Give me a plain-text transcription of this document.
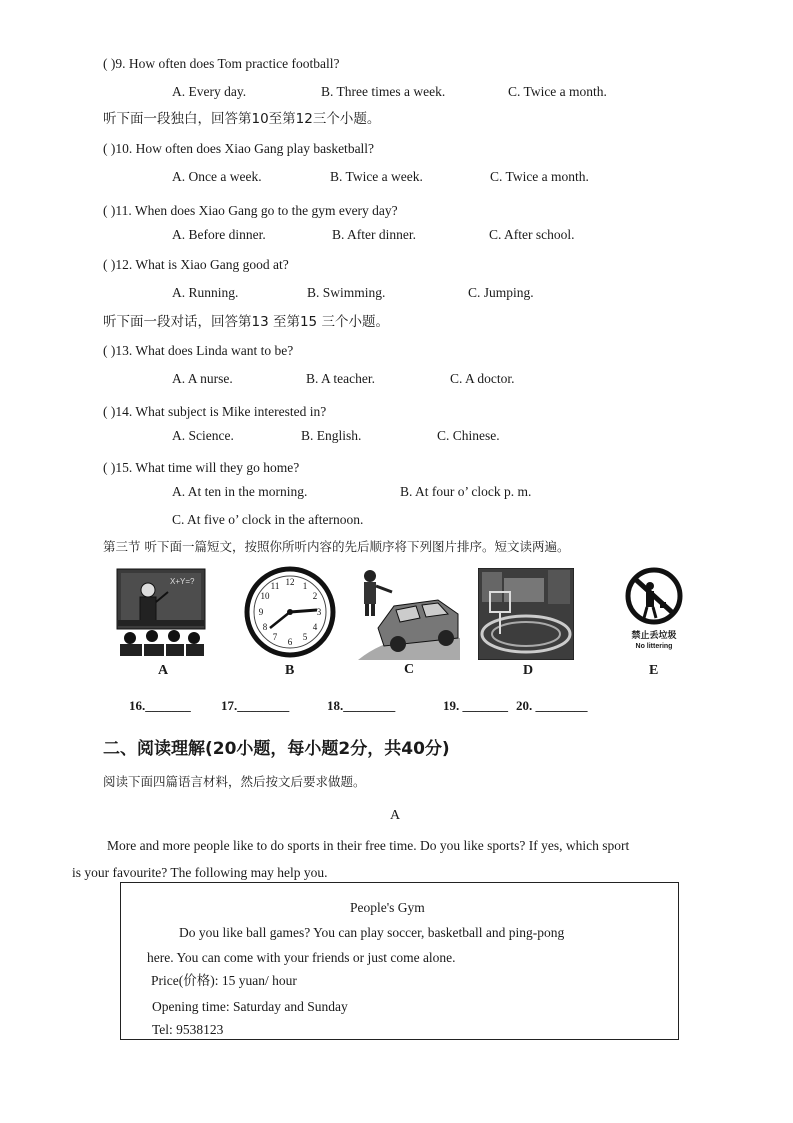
( )9. How often does Tom practice football?
A. Every day.	B. Three times a week.	C. Twice a month.
听下面一段独白，回答第10至第12三个小题。
( )10. How often does Xiao Gang play basketball?
A. Once a week.	B. Twice a week.	C. Twice a month.
( )11. When does Xiao Gang go to the gym every day?
A. Before dinner.	B. After dinner.	C. After school.
( )12. What is Xiao Gang good at?
A. Running.	B. Swimming.	C. Jumping.
听下面一段对话，回答第13 至第15 三个小题。
( )13. What does Linda want to be?
A. A nurse.	B. A teacher.	C. A doctor.
( )14. What subject is Mike interested in?
A. Science.	B. English.	C. Chinese.
( )15. What time will they go home?
A. At ten in the morning.	B. At four o’ clock p. m.
C. At five o’ clock in the afternoon.
第三节 听下面一篇短文，按照你所听内容的先后顺序将下列图片排序。短文读两遍。
X+Y=?	12 1
2
3
4
5
6
7
8
9
10
11
禁止丢垃圾
No littering
A	B	C	D	E
16._______ 17.________	18.________	19. _______ 20. ________
二、阅读理解(20小题，每小题2分，共40分)
阅读下面四篇语言材料，然后按文后要求做题。
A
More and more people like to do sports in their free time. Do you like sports? If yes, which sport
is your favourite? The following may help you.
People's Gym
Do you like ball games? You can play soccer, basketball and ping-pong
here. You can come with your friends or just come alone.
Price(价格): 15 yuan/ hour
Opening time: Saturday and Sunday
Tel: 9538123
